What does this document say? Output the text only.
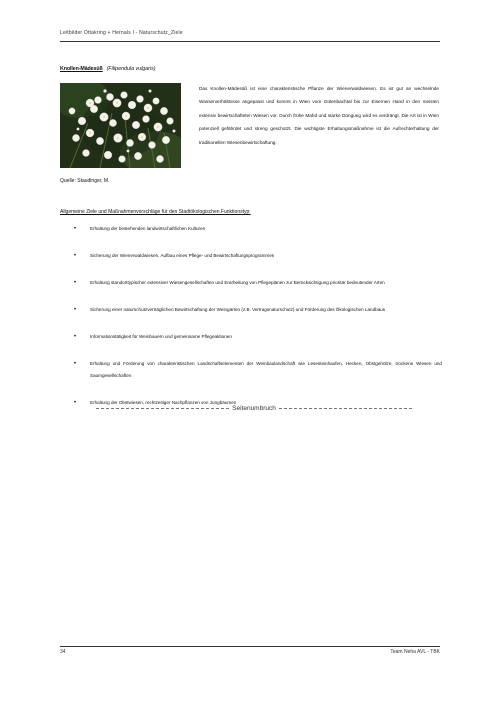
Leitbilder Ottakring + Hernals I - Naturschutz_Ziele
Knollen-Mädesüß (Filipendula vulgaris)
Das Knollen-Mädesüß ist eine charakteristische Pflanze der Wienerwaldwiesen. Es ist gut an wechselnde Wasserverhältnisse angepasst und kommt in Wien vom Gütenbachtal bis zur Eisernen Hand in den meisten extensiv bewirtschafteten Wiesen vor. Durch frühe Mahd und starke Düngung wird es verdrängt. Die Art ist in Wien potenziell gefährdet und streng geschützt. Die wichtigste Erhaltungsmaßnahme ist die Aufrechterhaltung der traditionellen Wiesenbewirtschaftung.
Quelle: Staudinger, M.
Allgemeine Ziele und Maßnahmenvorschläge für den Stadtökologischen Funktionstyp:
•	Erhaltung der bestehenden landwirtschaftlichen Kulturen
•	Sicherung der Wienerwaldwiesen, Aufbau eines Pflege- und Bewirtschaftungsprogrammes
•	Erhaltung standorttypischer extensiver Wiesengesellschaften und Erarbeitung von Pflegeplänen zur Berücksichtigung prioritär bedeutender Arten
•	Sicherung einer naturschutzverträglichen Bewirtschaftung der Weingärten (z.B. Vertragsnaturschutz) und Förderung des Ökologischen Landbaus
•	Informationstätigkeit für Weinbauern und gemeinsame Pflegeaktionen
•	Erhaltung und Förderung von charakteristischen Landschaftselementen der Weinbaulandschaft wie Lesesteinhaufen, Hecken, Obstgehölze, trockene Wiesen und Saumgesellschaften
•	Erhaltung der Obstwiesen, rechtzeitiger Nachpflanzen von Jungbäumen
Seitenumbruch
34	Team Neha AVL - TBK
